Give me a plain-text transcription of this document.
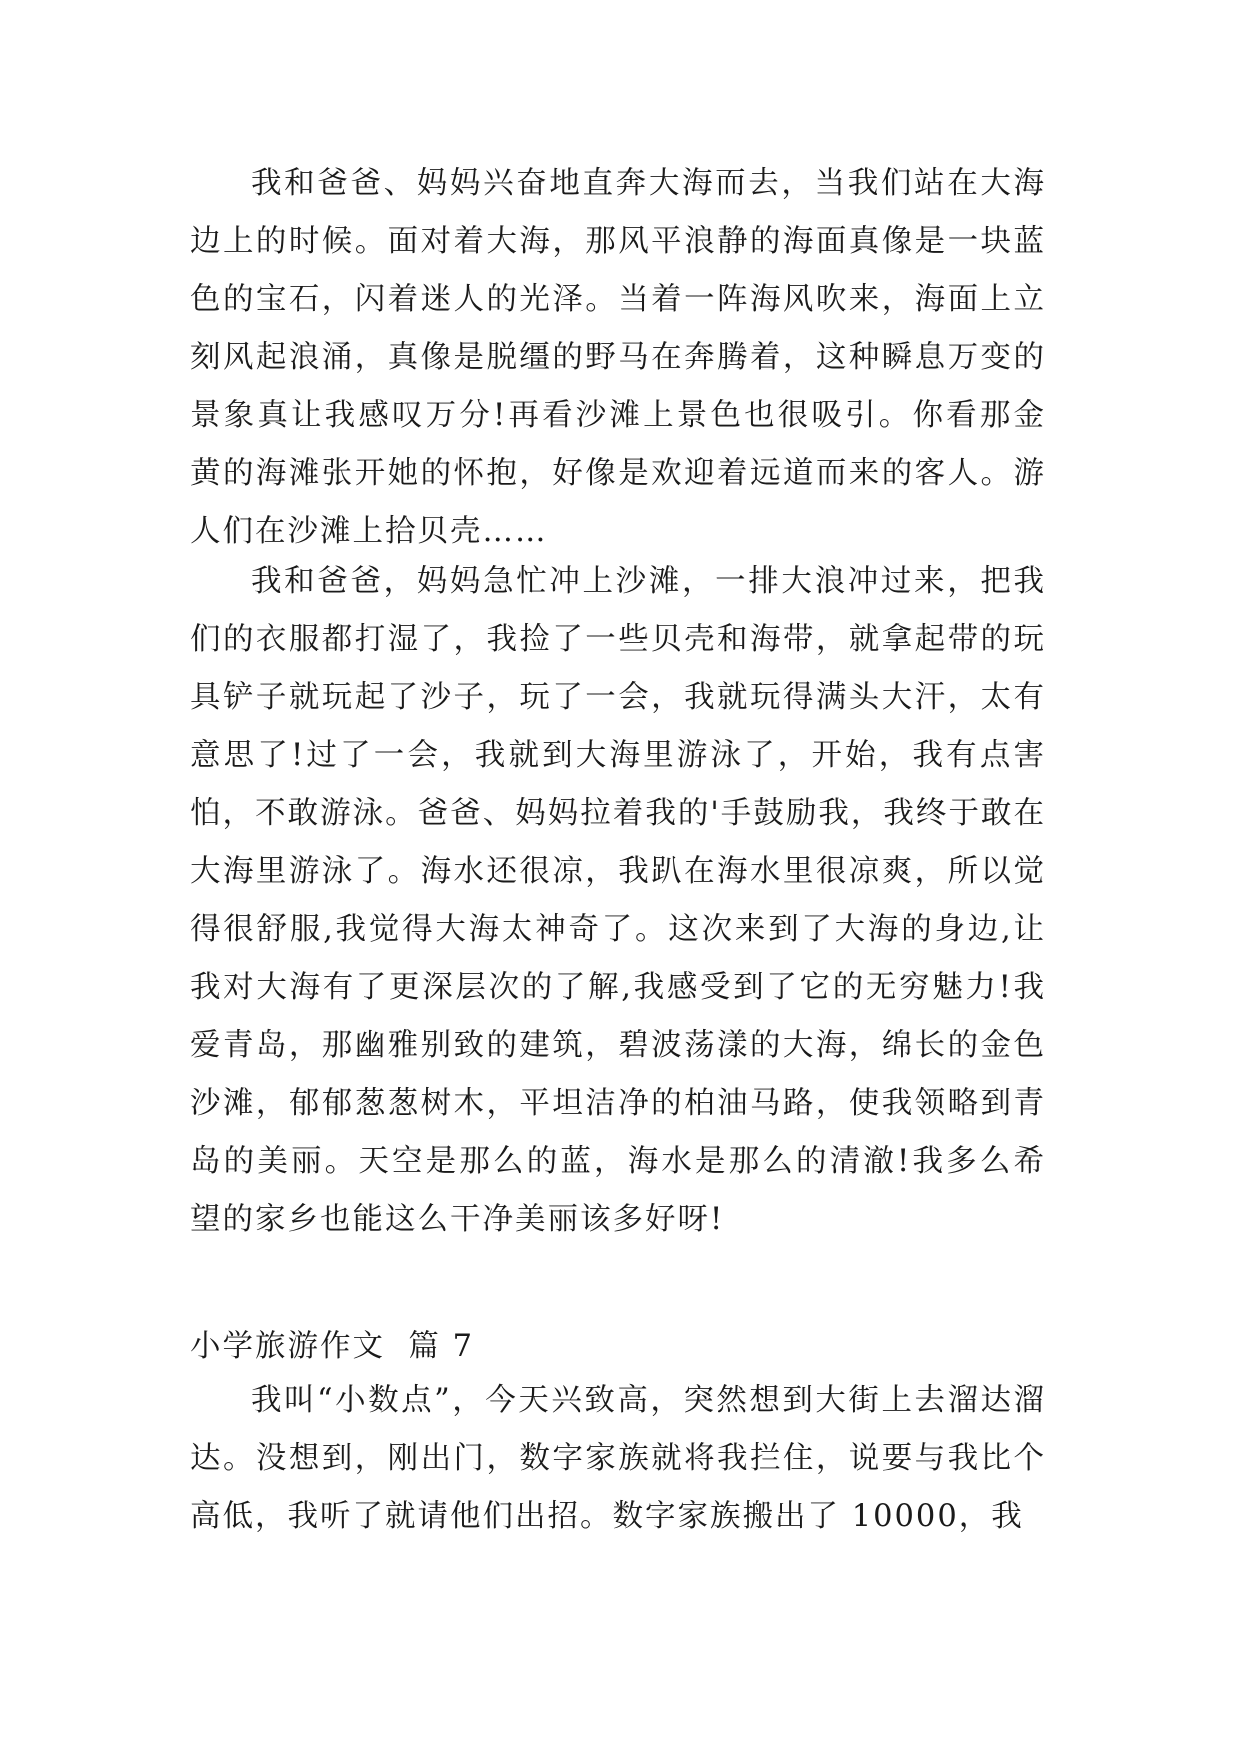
我和爸爸、妈妈兴奋地直奔大海而去，当我们站在大海边上的时候。面对着大海，那风平浪静的海面真像是一块蓝色的宝石，闪着迷人的光泽。当着一阵海风吹来，海面上立刻风起浪涌，真像是脱缰的野马在奔腾着，这种瞬息万变的景象真让我感叹万分!再看沙滩上景色也很吸引。你看那金黄的海滩张开她的怀抱，好像是欢迎着远道而来的客人。游人们在沙滩上拾贝壳……

我和爸爸，妈妈急忙冲上沙滩，一排大浪冲过来，把我们的衣服都打湿了，我捡了一些贝壳和海带，就拿起带的玩具铲子就玩起了沙子，玩了一会，我就玩得满头大汗，太有意思了!过了一会，我就到大海里游泳了，开始，我有点害怕，不敢游泳。爸爸、妈妈拉着我的'手鼓励我，我终于敢在大海里游泳了。海水还很凉，我趴在海水里很凉爽，所以觉得很舒服,我觉得大海太神奇了。这次来到了大海的身边,让我对大海有了更深层次的了解,我感受到了它的无穷魅力!我爱青岛，那幽雅别致的建筑，碧波荡漾的大海，绵长的金色沙滩，郁郁葱葱树木，平坦洁净的柏油马路，使我领略到青岛的美丽。天空是那么的蓝，海水是那么的清澈!我多么希望的家乡也能这么干净美丽该多好呀!

小学旅游作文  篇 7

我叫“小数点”，今天兴致高，突然想到大街上去溜达溜达。没想到，刚出门，数字家族就将我拦住，说要与我比个高低，我听了就请他们出招。数字家族搬出了 10000，我
